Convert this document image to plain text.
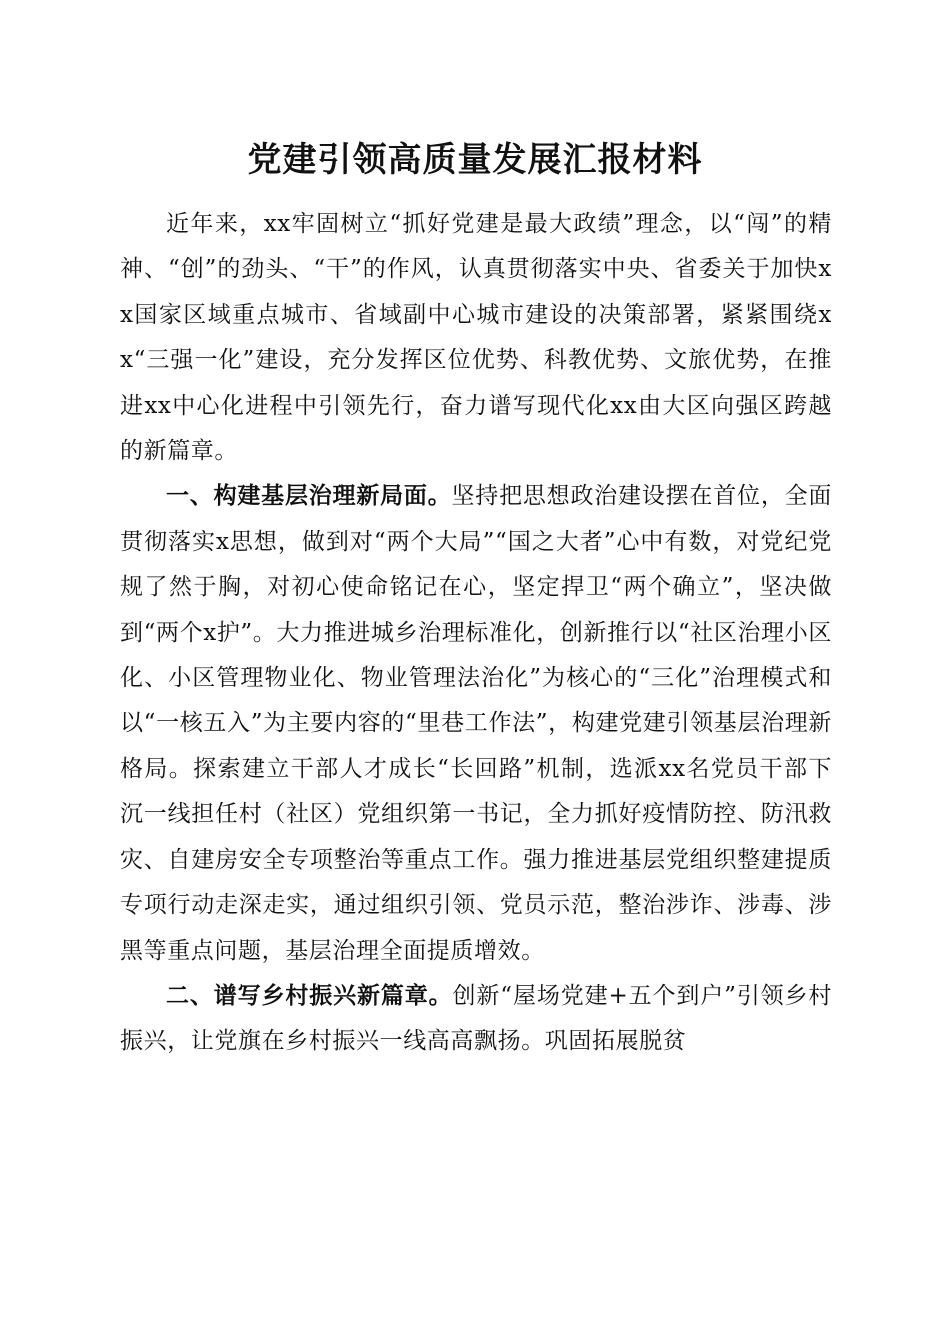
党建引领高质量发展汇报材料

近年来，xx牢固树立“抓好党建是最大政绩”理念，以“闯”的精神、“创”的劲头、“干”的作风，认真贯彻落实中央、省委关于加快xx国家区域重点城市、省域副中心城市建设的决策部署，紧紧围绕xx“三强一化”建设，充分发挥区位优势、科教优势、文旅优势，在推进xx中心化进程中引领先行，奋力谱写现代化xx由大区向强区跨越的新篇章。

一、构建基层治理新局面。坚持把思想政治建设摆在首位，全面贯彻落实x思想，做到对“两个大局”“国之大者”心中有数，对党纪党规了然于胸，对初心使命铭记在心，坚定捍卫“两个确立”，坚决做到“两个x护”。大力推进城乡治理标准化，创新推行以“社区治理小区化、小区管理物业化、物业管理法治化”为核心的“三化”治理模式和以“一核五入”为主要内容的“里巷工作法”，构建党建引领基层治理新格局。探索建立干部人才成长“长回路”机制，选派xx名党员干部下沉一线担任村（社区）党组织第一书记，全力抓好疫情防控、防汛救灾、自建房安全专项整治等重点工作。强力推进基层党组织整建提质专项行动走深走实，通过组织引领、党员示范，整治涉诈、涉毒、涉黑等重点问题，基层治理全面提质增效。

二、谱写乡村振兴新篇章。创新“屋场党建+五个到户”引领乡村振兴，让党旗在乡村振兴一线高高飘扬。巩固拓展脱贫
